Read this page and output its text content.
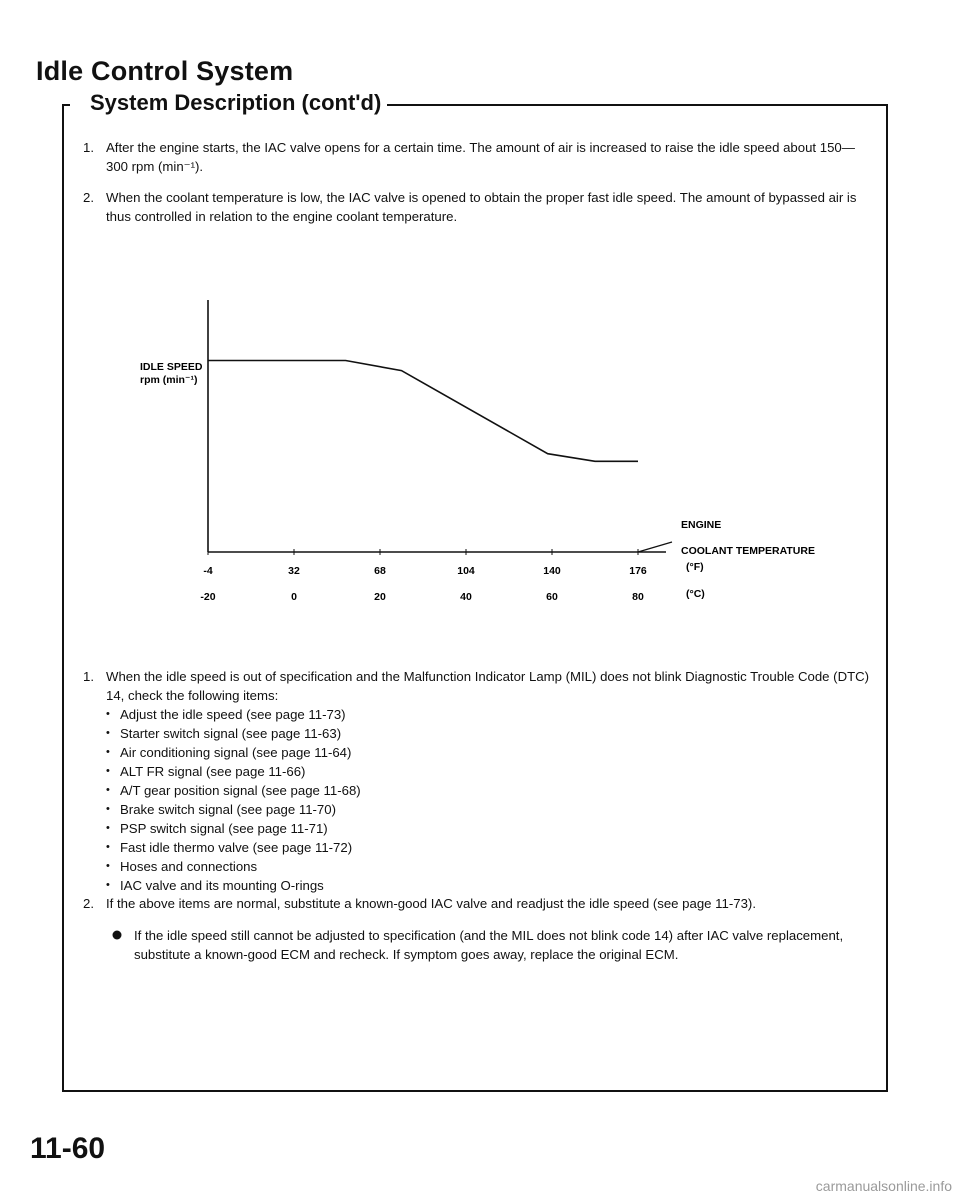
Idle Control System
System Description (cont'd)
1. After the engine starts, the IAC valve opens for a certain time. The amount of air is increased to raise the idle speed about 150—300 rpm (min⁻¹).
2. When the coolant temperature is low, the IAC valve is opened to obtain the proper fast idle speed. The amount of bypassed air is thus controlled in relation to the engine coolant temperature.
IDLE SPEED
rpm (min⁻¹)
ENGINE
COOLANT TEMPERATURE
(°F)
(°C)
-4	32	68	104	140	176
-20	0	20	40	60	80
1. When the idle speed is out of specification and the Malfunction Indicator Lamp (MIL) does not blink Diagnostic Trouble Code (DTC) 14, check the following items:
• Adjust the idle speed (see page 11-73)
• Starter switch signal (see page 11-63)
• Air conditioning signal (see page 11-64)
• ALT FR signal (see page 11-66)
• A/T gear position signal (see page 11-68)
• Brake switch signal (see page 11-70)
• PSP switch signal (see page 11-71)
• Fast idle thermo valve (see page 11-72)
• Hoses and connections
• IAC valve and its mounting O-rings
2. If the above items are normal, substitute a known-good IAC valve and readjust the idle speed (see page 11-73).
If the idle speed still cannot be adjusted to specification (and the MIL does not blink code 14) after IAC valve replacement, substitute a known-good ECM and recheck. If symptom goes away, replace the original ECM.
11-60
carmanualsonline.info
